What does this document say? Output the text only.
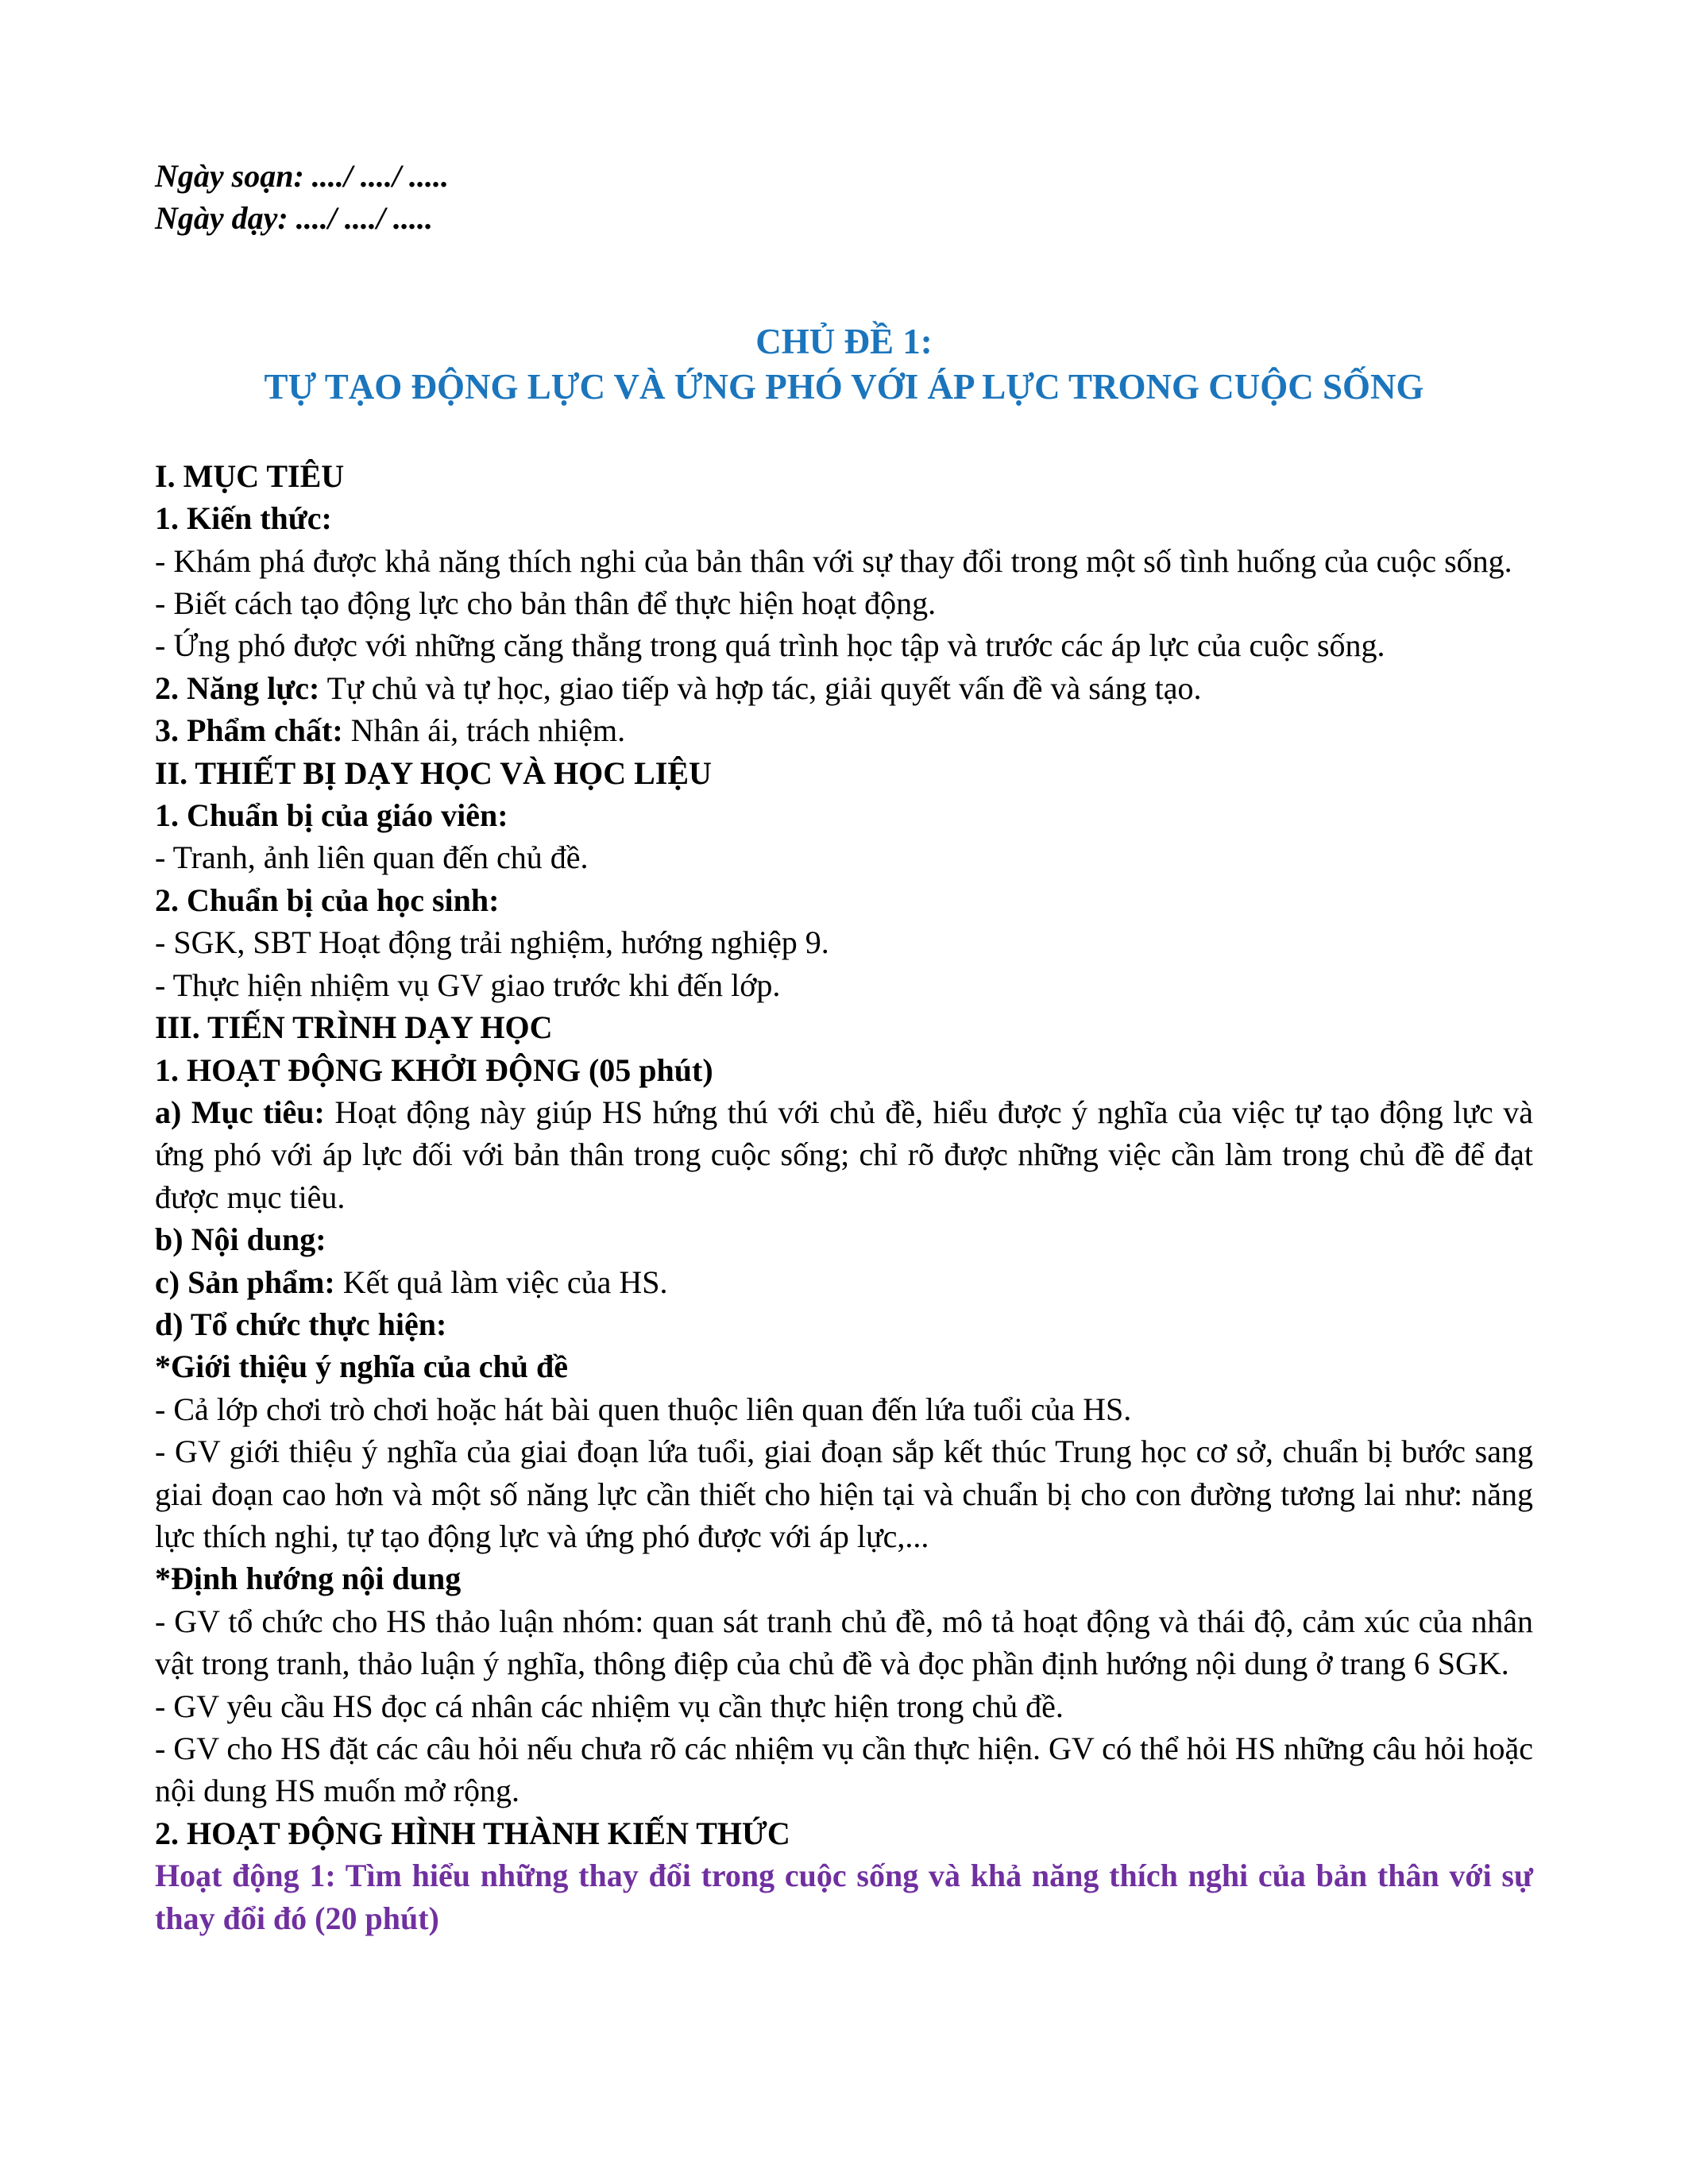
Ngày soạn: ..../ ..../ .....

Ngày dạy: ..../ ..../ .....

CHỦ ĐỀ 1:

TỰ TẠO ĐỘNG LỰC VÀ ỨNG PHÓ VỚI ÁP LỰC TRONG CUỘC SỐNG

I. MỤC TIÊU

1. Kiến thức:

- Khám phá được khả năng thích nghi của bản thân với sự thay đổi trong một số tình huống của cuộc sống.

- Biết cách tạo động lực cho bản thân để thực hiện hoạt động.

- Ứng phó được với những căng thẳng trong quá trình học tập và trước các áp lực của cuộc sống.

2. Năng lực: Tự chủ và tự học, giao tiếp và hợp tác, giải quyết vấn đề và sáng tạo.

3. Phẩm chất: Nhân ái, trách nhiệm.

II. THIẾT BỊ DẠY HỌC VÀ HỌC LIỆU

1. Chuẩn bị của giáo viên:

- Tranh, ảnh liên quan đến chủ đề.

2. Chuẩn bị của học sinh:

- SGK, SBT Hoạt động trải nghiệm, hướng nghiệp 9.

- Thực hiện nhiệm vụ GV giao trước khi đến lớp.

III. TIẾN TRÌNH DẠY HỌC

1. HOẠT ĐỘNG KHỞI ĐỘNG (05 phút)

a) Mục tiêu: Hoạt động này giúp HS hứng thú với chủ đề, hiểu được ý nghĩa của việc tự tạo động lực và ứng phó với áp lực đối với bản thân trong cuộc sống; chỉ rõ được những việc cần làm trong chủ đề để đạt được mục tiêu.

b) Nội dung:

c) Sản phẩm: Kết quả làm việc của HS.

d) Tổ chức thực hiện:

*Giới thiệu ý nghĩa của chủ đề

- Cả lớp chơi trò chơi hoặc hát bài quen thuộc liên quan đến lứa tuổi của HS.

- GV giới thiệu ý nghĩa của giai đoạn lứa tuổi, giai đoạn sắp kết thúc Trung học cơ sở, chuẩn bị bước sang giai đoạn cao hơn và một số năng lực cần thiết cho hiện tại và chuẩn bị cho con đường tương lai như: năng lực thích nghi, tự tạo động lực và ứng phó được với áp lực,...

*Định hướng nội dung

- GV tổ chức cho HS thảo luận nhóm: quan sát tranh chủ đề, mô tả hoạt động và thái độ, cảm xúc của nhân vật trong tranh, thảo luận ý nghĩa, thông điệp của chủ đề và đọc phần định hướng nội dung ở trang 6 SGK.

- GV yêu cầu HS đọc cá nhân các nhiệm vụ cần thực hiện trong chủ đề.

- GV cho HS đặt các câu hỏi nếu chưa rõ các nhiệm vụ cần thực hiện. GV có thể hỏi HS những câu hỏi hoặc nội dung HS muốn mở rộng.

2. HOẠT ĐỘNG HÌNH THÀNH KIẾN THỨC

Hoạt động 1: Tìm hiểu những thay đổi trong cuộc sống và khả năng thích nghi của bản thân với sự thay đổi đó (20 phút)
